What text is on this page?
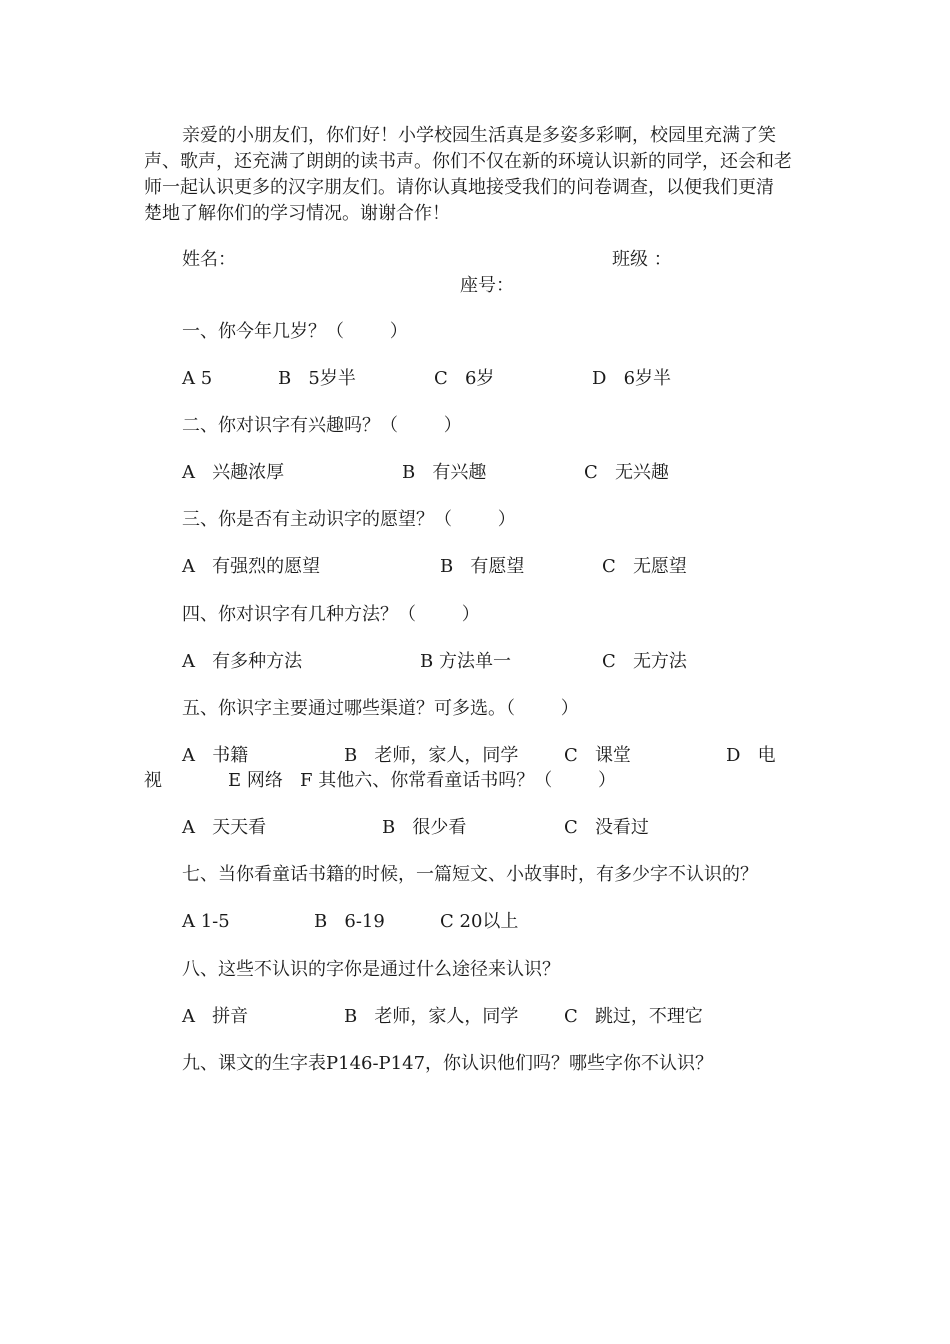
亲爱的小朋友们，你们好！小学校园生活真是多姿多彩啊，校园里充满了笑
声、歌声，还充满了朗朗的读书声。你们不仅在新的环境认识新的同学，还会和老
师一起认识更多的汉字朋友们。请你认真地接受我们的问卷调查，以便我们更清
楚地了解你们的学习情况。谢谢合作！
姓名：	班级 ：
座号：
一、你今年几岁？（        ）
A 5	B   5岁半	C   6岁	D   6岁半
二、你对识字有兴趣吗？（        ）
A   兴趣浓厚	B   有兴趣	C   无兴趣
三、你是否有主动识字的愿望？（        ）
A   有强烈的愿望	B   有愿望	C   无愿望
四、你对识字有几种方法？（        ）
A   有多种方法	B 方法单一	C   无方法
五、你识字主要通过哪些渠道？可多选。（        ）
A   书籍	B   老师，家人，同学	C   课堂	D   电
视	E 网络   F 其他六、你常看童话书吗？（        ）
A   天天看	B   很少看	C   没看过
七、当你看童话书籍的时候，一篇短文、小故事时，有多少字不认识的？
A 1-5	B   6-19	C 20以上
八、这些不认识的字你是通过什么途径来认识？
A   拼音	B   老师，家人，同学	C   跳过，不理它
九、课文的生字表P146-P147，你认识他们吗？哪些字你不认识？
